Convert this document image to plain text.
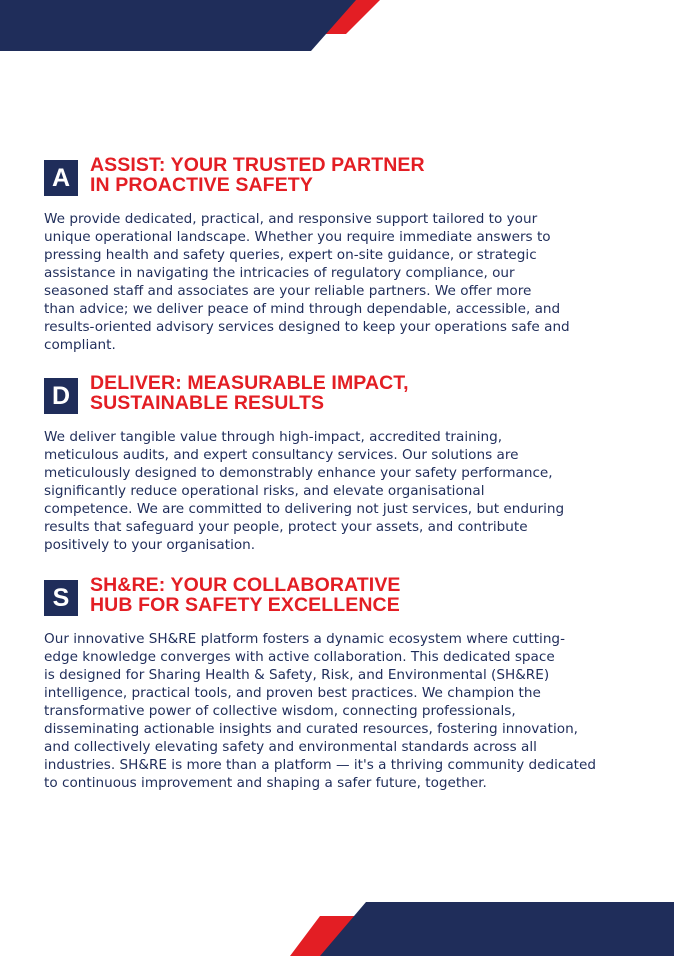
A	ASSIST: YOUR TRUSTED PARTNER
IN PROACTIVE SAFETY

We provide dedicated, practical, and responsive support tailored to your
unique operational landscape. Whether you require immediate answers to
pressing health and safety queries, expert on-site guidance, or strategic
assistance in navigating the intricacies of regulatory compliance, our
seasoned staff and associates are your reliable partners. We offer more
than advice; we deliver peace of mind through dependable, accessible, and
results-oriented advisory services designed to keep your operations safe and
compliant.

D	DELIVER: MEASURABLE IMPACT,
SUSTAINABLE RESULTS

We deliver tangible value through high-impact, accredited training,
meticulous audits, and expert consultancy services. Our solutions are
meticulously designed to demonstrably enhance your safety performance,
significantly reduce operational risks, and elevate organisational
competence. We are committed to delivering not just services, but enduring
results that safeguard your people, protect your assets, and contribute
positively to your organisation.

S	SH&RE: YOUR COLLABORATIVE
HUB FOR SAFETY EXCELLENCE

Our innovative SH&RE platform fosters a dynamic ecosystem where cutting-
edge knowledge converges with active collaboration. This dedicated space
is designed for Sharing Health & Safety, Risk, and Environmental (SH&RE)
intelligence, practical tools, and proven best practices. We champion the
transformative power of collective wisdom, connecting professionals,
disseminating actionable insights and curated resources, fostering innovation,
and collectively elevating safety and environmental standards across all
industries. SH&RE is more than a platform — it's a thriving community dedicated
to continuous improvement and shaping a safer future, together.
